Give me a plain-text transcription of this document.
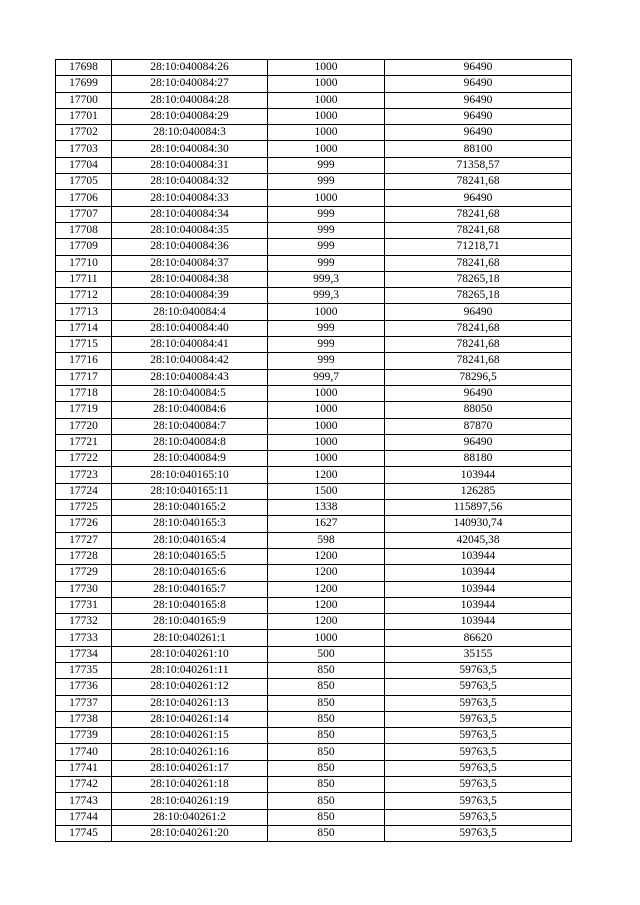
17698	28:10:040084:26	1000	96490
17699	28:10:040084:27	1000	96490
17700	28:10:040084:28	1000	96490
17701	28:10:040084:29	1000	96490
17702	28:10:040084:3	1000	96490
17703	28:10:040084:30	1000	88100
17704	28:10:040084:31	999	71358,57
17705	28:10:040084:32	999	78241,68
17706	28:10:040084:33	1000	96490
17707	28:10:040084:34	999	78241,68
17708	28:10:040084:35	999	78241,68
17709	28:10:040084:36	999	71218,71
17710	28:10:040084:37	999	78241,68
17711	28:10:040084:38	999,3	78265,18
17712	28:10:040084:39	999,3	78265,18
17713	28:10:040084:4	1000	96490
17714	28:10:040084:40	999	78241,68
17715	28:10:040084:41	999	78241,68
17716	28:10:040084:42	999	78241,68
17717	28:10:040084:43	999,7	78296,5
17718	28:10:040084:5	1000	96490
17719	28:10:040084:6	1000	88050
17720	28:10:040084:7	1000	87870
17721	28:10:040084:8	1000	96490
17722	28:10:040084:9	1000	88180
17723	28:10:040165:10	1200	103944
17724	28:10:040165:11	1500	126285
17725	28:10:040165:2	1338	115897,56
17726	28:10:040165:3	1627	140930,74
17727	28:10:040165:4	598	42045,38
17728	28:10:040165:5	1200	103944
17729	28:10:040165:6	1200	103944
17730	28:10:040165:7	1200	103944
17731	28:10:040165:8	1200	103944
17732	28:10:040165:9	1200	103944
17733	28:10:040261:1	1000	86620
17734	28:10:040261:10	500	35155
17735	28:10:040261:11	850	59763,5
17736	28:10:040261:12	850	59763,5
17737	28:10:040261:13	850	59763,5
17738	28:10:040261:14	850	59763,5
17739	28:10:040261:15	850	59763,5
17740	28:10:040261:16	850	59763,5
17741	28:10:040261:17	850	59763,5
17742	28:10:040261:18	850	59763,5
17743	28:10:040261:19	850	59763,5
17744	28:10:040261:2	850	59763,5
17745	28:10:040261:20	850	59763,5
